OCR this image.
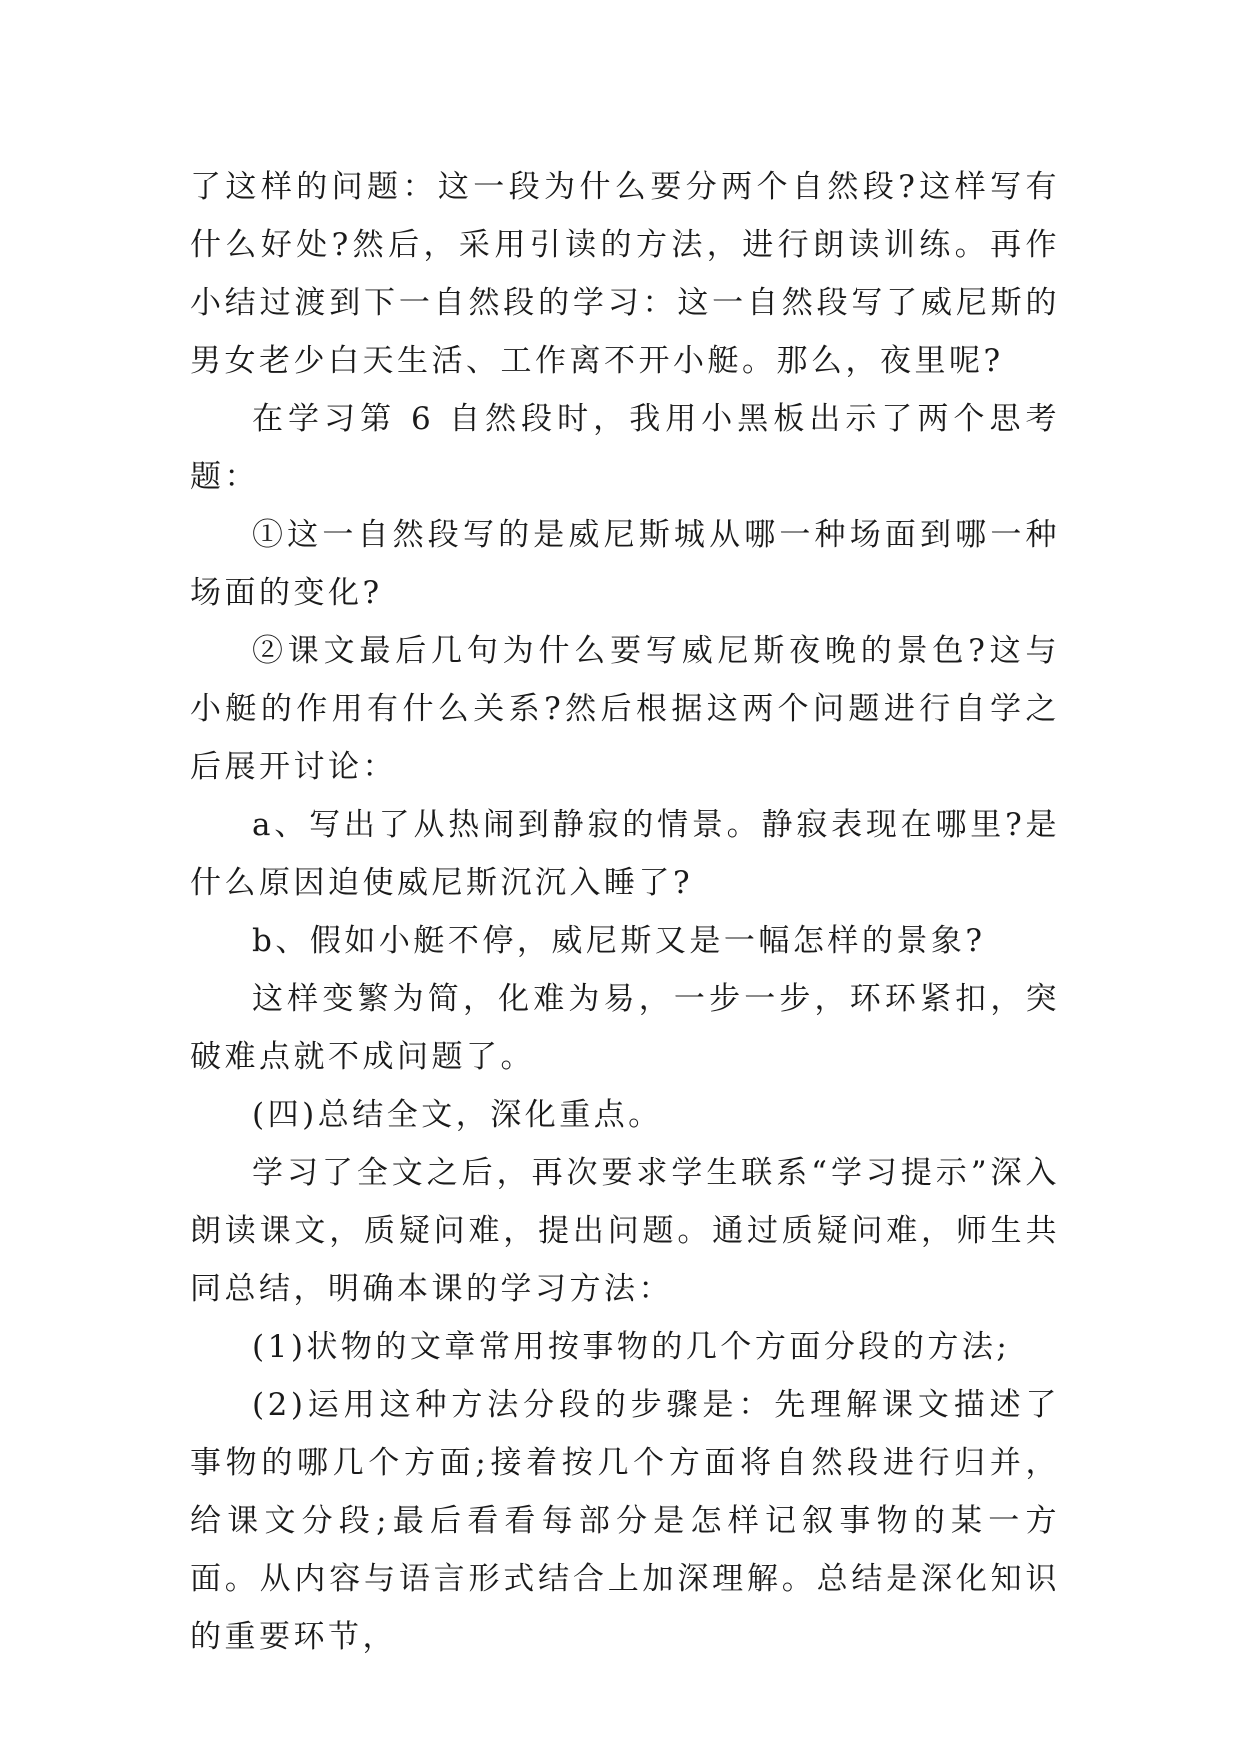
了这样的问题：这一段为什么要分两个自然段?这样写有什么好处?然后，采用引读的方法，进行朗读训练。再作小结过渡到下一自然段的学习：这一自然段写了威尼斯的男女老少白天生活、工作离不开小艇。那么，夜里呢?

在学习第 6 自然段时，我用小黑板出示了两个思考题：

①这一自然段写的是威尼斯城从哪一种场面到哪一种场面的变化?

②课文最后几句为什么要写威尼斯夜晚的景色?这与小艇的作用有什么关系?然后根据这两个问题进行自学之后展开讨论：

a、写出了从热闹到静寂的情景。静寂表现在哪里?是什么原因迫使威尼斯沉沉入睡了?

b、假如小艇不停，威尼斯又是一幅怎样的景象?

这样变繁为简，化难为易，一步一步，环环紧扣，突破难点就不成问题了。

(四)总结全文，深化重点。

学习了全文之后，再次要求学生联系“学习提示”深入朗读课文，质疑问难，提出问题。通过质疑问难，师生共同总结，明确本课的学习方法：

(1)状物的文章常用按事物的几个方面分段的方法;

(2)运用这种方法分段的步骤是：先理解课文描述了事物的哪几个方面;接着按几个方面将自然段进行归并，给课文分段;最后看看每部分是怎样记叙事物的某一方面。从内容与语言形式结合上加深理解。总结是深化知识的重要环节，
